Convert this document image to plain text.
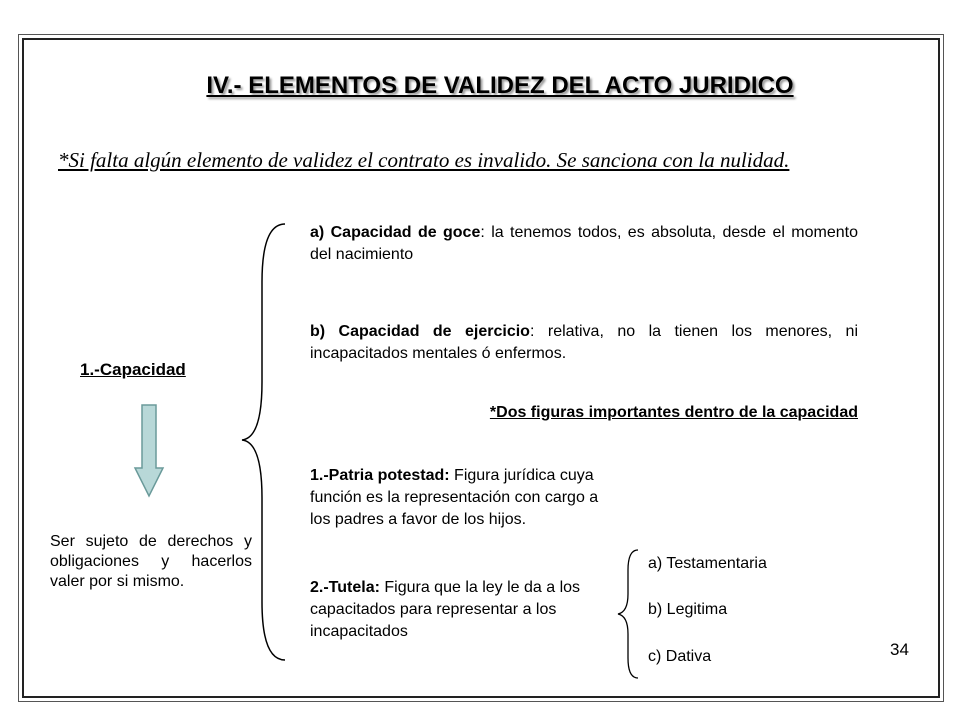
IV.- ELEMENTOS DE VALIDEZ DEL ACTO JURIDICO
*Si falta algún elemento de validez el contrato es invalido. Se sanciona con la nulidad.
a) Capacidad de goce: la tenemos todos, es absoluta, desde el momento del nacimiento
b) Capacidad de ejercicio: relativa, no la tienen los menores, ni incapacitados mentales ó enfermos.
1.-Capacidad
*Dos figuras importantes dentro de la capacidad
Ser sujeto de derechos y obligaciones y hacerlos valer por si mismo.
1.-Patria potestad: Figura jurídica cuya función es la representación con cargo a los padres a favor de los hijos.
2.-Tutela: Figura que la ley le da a los capacitados para representar a los incapacitados
a) Testamentaria
b) Legitima
c) Dativa	34
